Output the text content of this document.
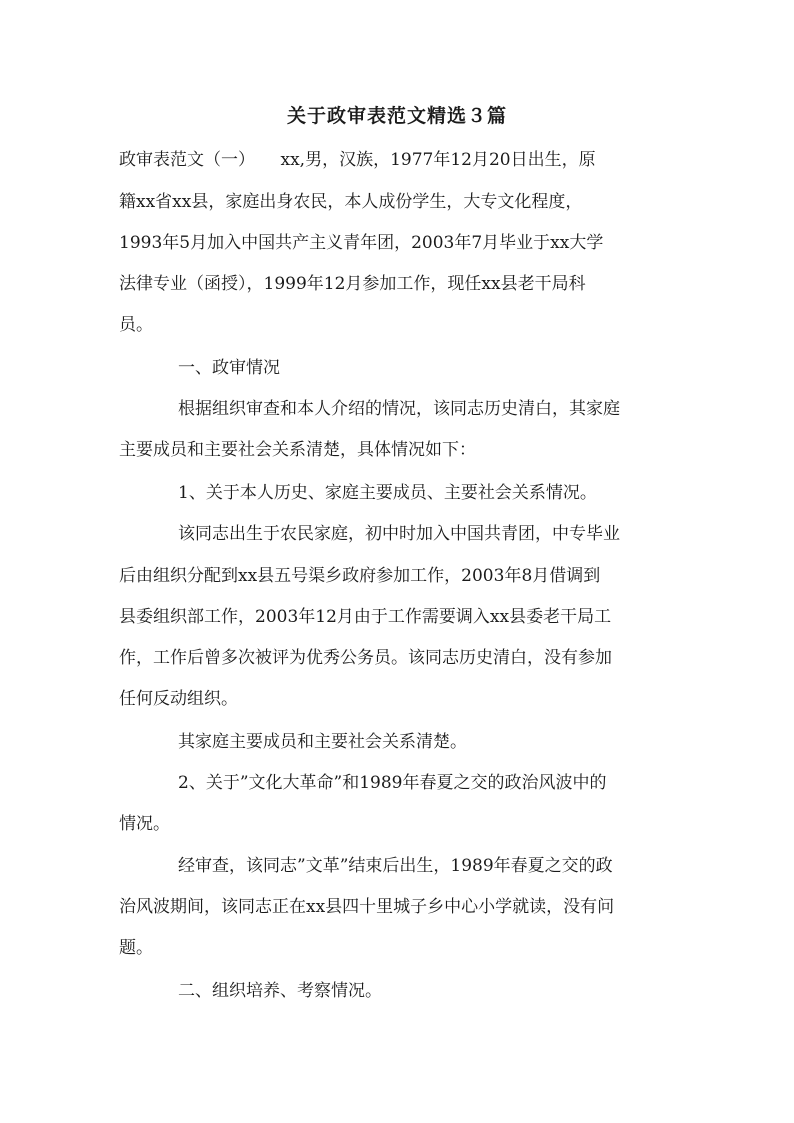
关于政审表范文精选３篇
政审表范文（一）　　xx,男，汉族，1977年12月20日出生，原
籍xx省xx县，家庭出身农民，本人成份学生，大专文化程度，
1993年5月加入中国共产主义青年团，2003年7月毕业于xx大学
法律专业（函授），1999年12月参加工作，现任xx县老干局科
员。
一、政审情况
根据组织审查和本人介绍的情况，该同志历史清白，其家庭
主要成员和主要社会关系清楚，具体情况如下：
1、关于本人历史、家庭主要成员、主要社会关系情况。
该同志出生于农民家庭，初中时加入中国共青团，中专毕业
后由组织分配到xx县五号渠乡政府参加工作，2003年8月借调到
县委组织部工作，2003年12月由于工作需要调入xx县委老干局工
作，工作后曾多次被评为优秀公务员。该同志历史清白，没有参加
任何反动组织。
其家庭主要成员和主要社会关系清楚。
2、关于”文化大革命”和1989年春夏之交的政治风波中的
情况。
经审查，该同志”文革”结束后出生，1989年春夏之交的政
治风波期间，该同志正在xx县四十里城子乡中心小学就读，没有问
题。
二、组织培养、考察情况。
